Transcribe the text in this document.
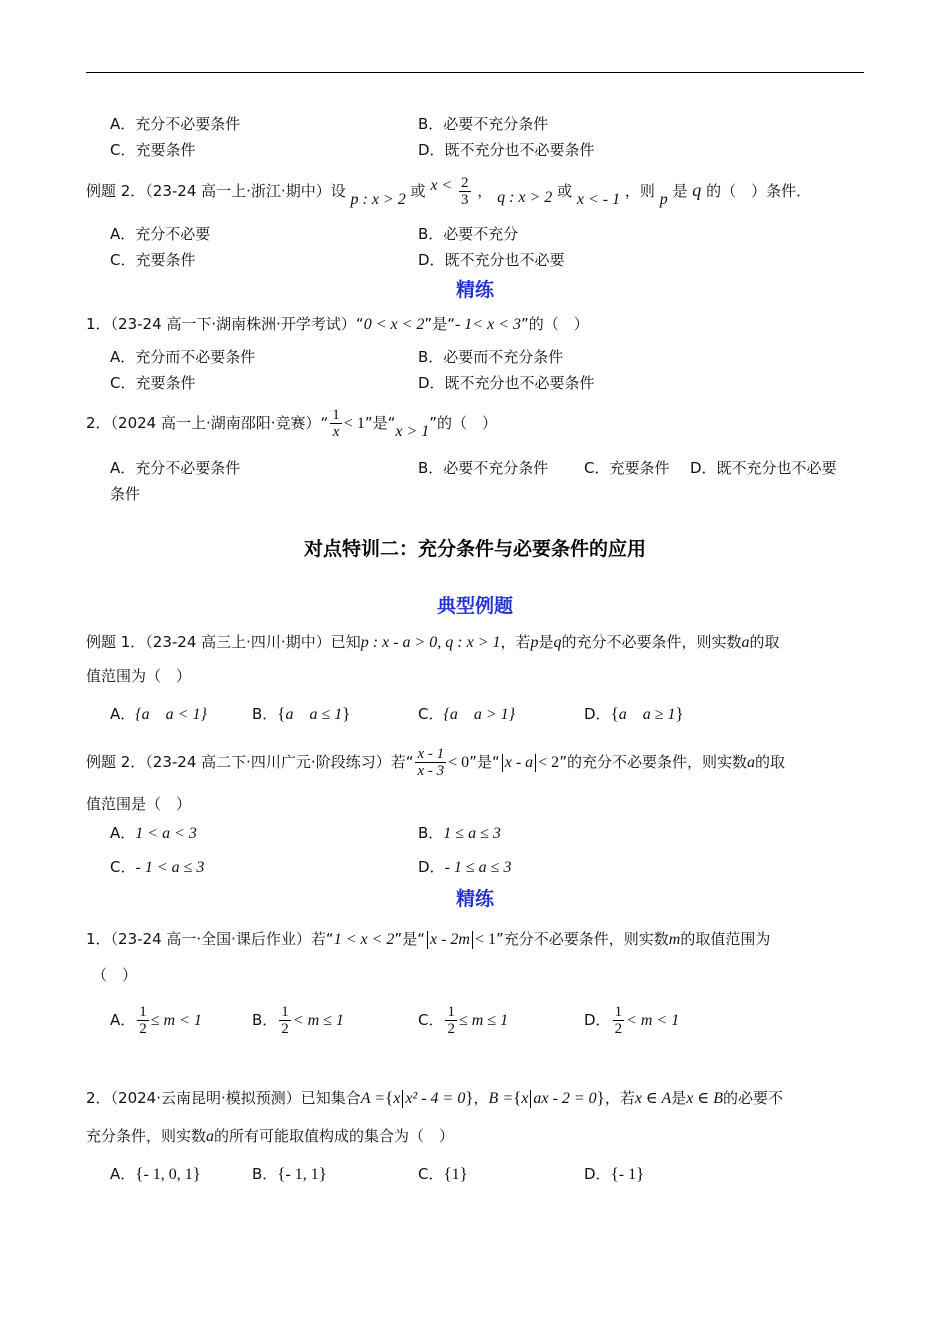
A．充分不必要条件	B．必要不充分条件
C．充要条件	D．既不充分也不必要条件
例题 2．（23-24 高一上·浙江·期中）设 p : x > 2 或 $x < \frac{2}{3}$ ， q : x > 2 或 x < - 1 ，则 p 是 q 的（　）条件．
A．充分不必要	B．必要不充分
C．充要条件	D．既不充分也不必要
精练
1．（23-24 高一下·湖南株洲·开学考试）“0 < x < 2”是“- 1< x < 3”的（　）
A．充分而不必要条件	B．必要而不充分条件
C．充要条件	D．既不充分也不必要条件
2．（2024 高一上·湖南邵阳·竞赛）“ $\frac{1}{x} < 1$”是“x > 1”的（　）
A．充分不必要条件	B．必要不充分条件 C．充要条件 D．既不充分也不必要
条件
对点特训二：充分条件与必要条件的应用
典型例题
例题 1．（23-24 高三上·四川·期中）已知p : x - a > 0, q : x > 1，若p是q的充分不必要条件，则实数a的取
值范围为（　）
A．{a　a < 1}	B．{a　a ≤ 1}	C．{a　a > 1}	D．{a　a ≥ 1}
例题 2．（23-24 高二下·四川广元·阶段练习）若“ $\frac{x - 1}{x - 3} < 0$”是“ x - a < 2”的充分不必要条件，则实数a的取
值范围是（　）
A．1 < a < 3	B．1 ≤ a ≤ 3
C．- 1 < a ≤ 3	D．- 1 ≤ a ≤ 3
精练
1．（23-24 高一·全国·课后作业）若“1 < x < 2”是“ x - 2m < 1”充分不必要条件，则实数m的取值范围为
（　）
A． $\frac{1}{2} \le m < 1$	B． $\frac{1}{2} < m \le 1$	C． $\frac{1}{2} \le m \le 1$	D． $\frac{1}{2} < m < 1$
2．（2024·云南昆明·模拟预测）已知集合A ={x x² - 4 = 0}，B ={x ax - 2 = 0}，若x ∈ A是x ∈ B的必要不
充分条件，则实数a的所有可能取值构成的集合为（　）
A．{- 1, 0, 1}	B．{- 1, 1}	C．{1}	D．{- 1}
